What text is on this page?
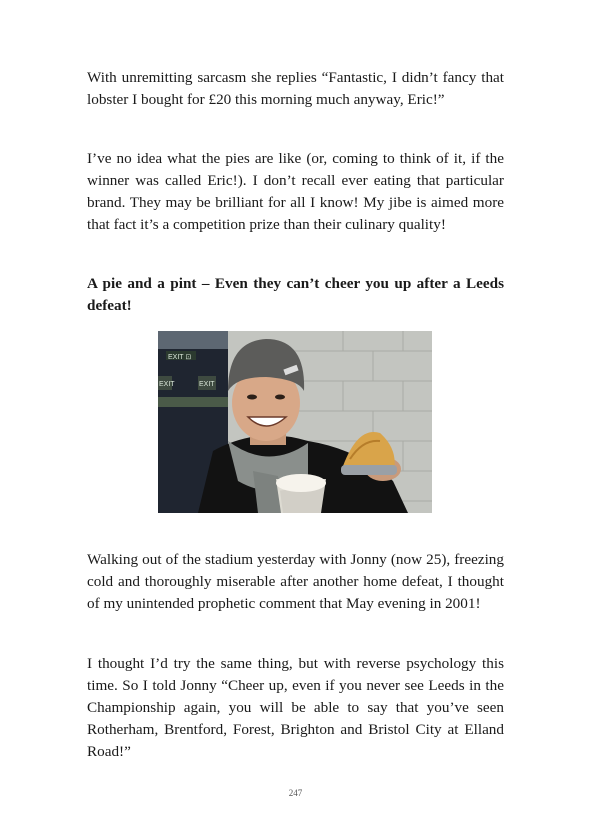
With unremitting sarcasm she replies “Fantastic, I didn’t fancy that lobster I bought for £20 this morning much anyway, Eric!”

I’ve no idea what the pies are like (or, coming to think of it, if the winner was called Eric!). I don’t recall ever eating that particular brand. They may be brilliant for all I know! My jibe is aimed more that fact it’s a competition prize than their culinary quality!

A pie and a pint – Even they can’t cheer you up after a Leeds defeat!

EXIT ⊡
EXIT	EXIT

Walking out of the stadium yesterday with Jonny (now 25), freezing cold and thoroughly miserable after another home defeat, I thought of my unintended prophetic comment that May evening in 2001!

I thought I’d try the same thing, but with reverse psychology this time. So I told Jonny “Cheer up, even if you never see Leeds in the Championship again, you will be able to say that you’ve seen Rotherham, Brentford, Forest, Brighton and Bristol City at Elland Road!”

247
